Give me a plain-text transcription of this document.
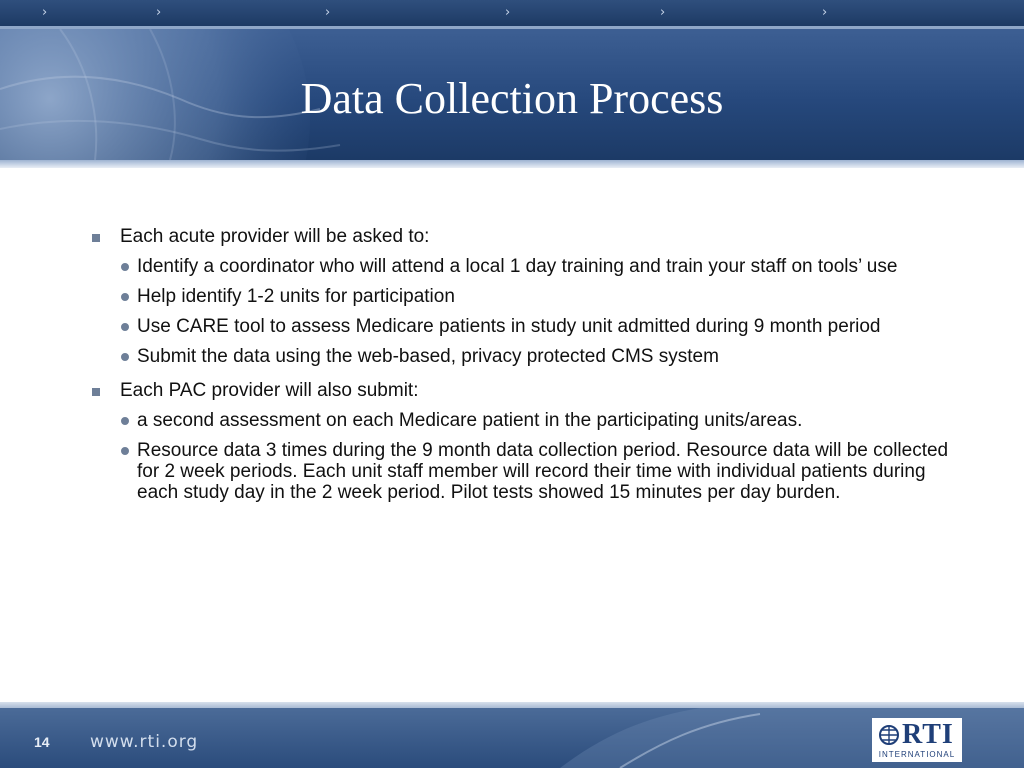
›	›	›	›	›	›
Data Collection Process
Each acute provider will be asked to:
Identify a coordinator who will attend a local 1 day training and train your staff on tools’ use
Help identify 1-2 units for participation
Use CARE tool to assess Medicare patients in study unit admitted during 9 month period
Submit the data using the web-based, privacy protected CMS system
Each PAC provider will also submit:
a second assessment on each Medicare patient in the participating units/areas.
Resource data 3 times during the 9 month data collection period. Resource data will be collected for 2 week periods. Each unit staff member will record their time with individual patients during each study day in the 2 week period. Pilot tests showed 15 minutes per day burden.
14 www.rti.org	RTI
INTERNATIONAL
